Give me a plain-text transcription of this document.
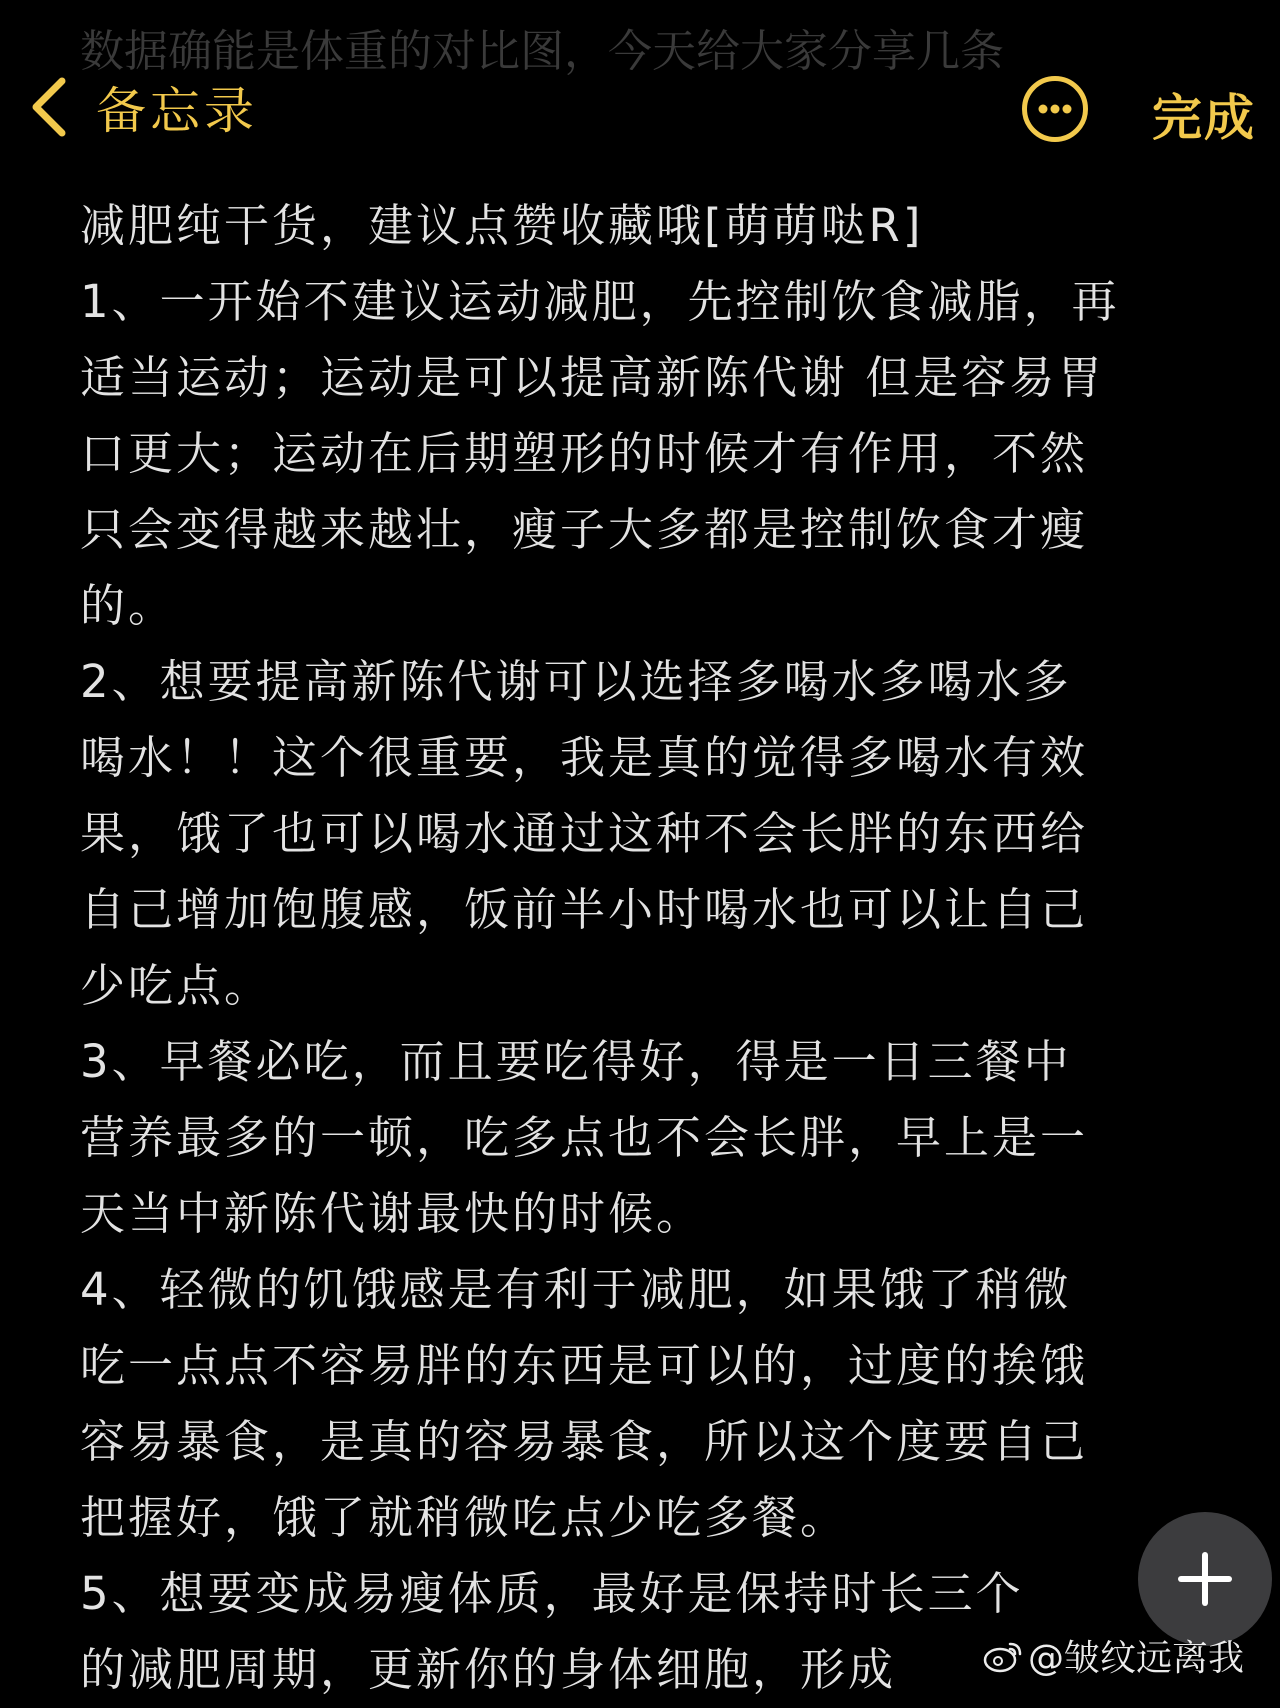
数据确能是体重的对比图，今天给大家分享几条
备忘录	完成

减肥纯干货，建议点赞收藏哦[萌萌哒R]

1、一开始不建议运动减肥，先控制饮食减脂，再

适当运动；运动是可以提高新陈代谢 但是容易胃

口更大；运动在后期塑形的时候才有作用，不然

只会变得越来越壮，瘦子大多都是控制饮食才瘦

的。

2、想要提高新陈代谢可以选择多喝水多喝水多

喝水！！这个很重要，我是真的觉得多喝水有效

果，饿了也可以喝水通过这种不会长胖的东西给

自己增加饱腹感，饭前半小时喝水也可以让自己

少吃点。

3、早餐必吃，而且要吃得好，得是一日三餐中

营养最多的一顿，吃多点也不会长胖，早上是一

天当中新陈代谢最快的时候。

4、轻微的饥饿感是有利于减肥，如果饿了稍微

吃一点点不容易胖的东西是可以的，过度的挨饿

容易暴食，是真的容易暴食，所以这个度要自己

把握好，饿了就稍微吃点少吃多餐。

5、想要变成易瘦体质，最好是保持时长三个

的减肥周期，更新你的身体细胞，形成	@皱纹远离我
